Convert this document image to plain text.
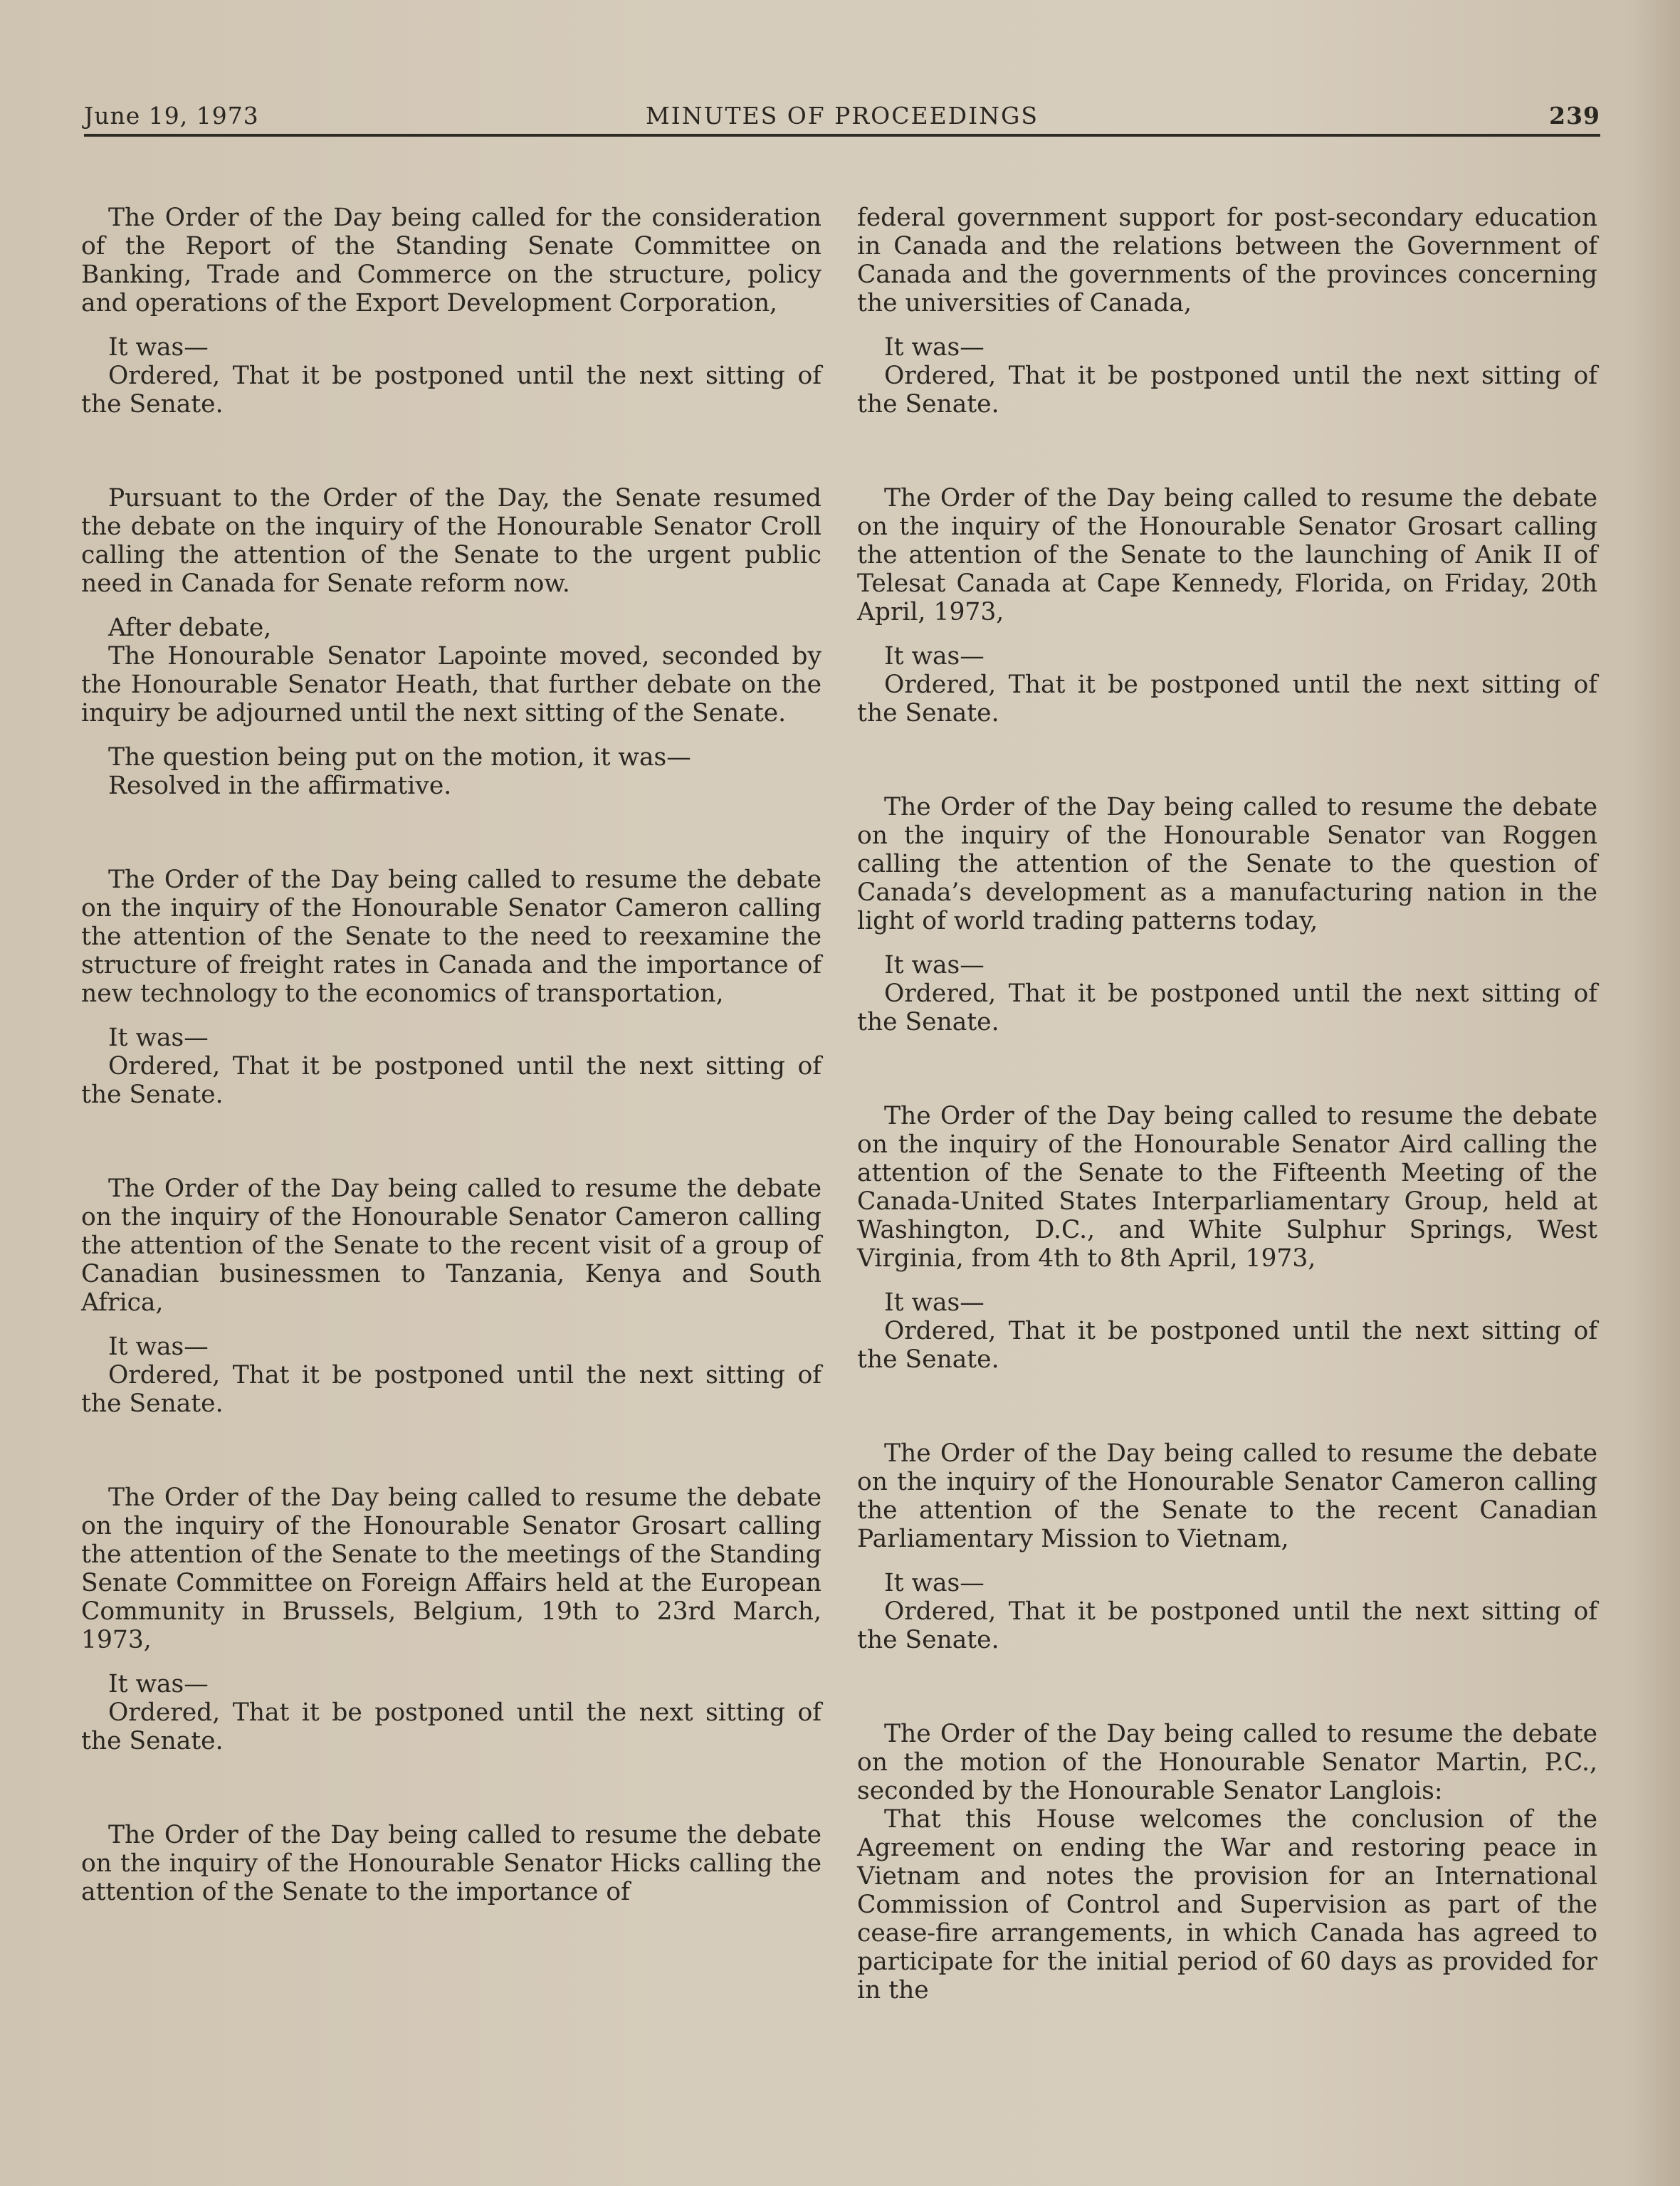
June 19, 1973	MINUTES OF PROCEEDINGS	239

The Order of the Day being called for the consideration of the Report of the Standing Senate Committee on Banking, Trade and Commerce on the structure, policy and operations of the Export Development Corporation,

It was—

Ordered, That it be postponed until the next sitting of the Senate.

Pursuant to the Order of the Day, the Senate resumed the debate on the inquiry of the Honourable Senator Croll calling the attention of the Senate to the urgent public need in Canada for Senate reform now.

After debate,

The Honourable Senator Lapointe moved, seconded by the Honourable Senator Heath, that further debate on the inquiry be adjourned until the next sitting of the Senate.

The question being put on the motion, it was—

Resolved in the affirmative.

The Order of the Day being called to resume the debate on the inquiry of the Honourable Senator Cameron calling the attention of the Senate to the need to reexamine the structure of freight rates in Canada and the importance of new technology to the economics of transportation,

It was—

Ordered, That it be postponed until the next sitting of the Senate.

The Order of the Day being called to resume the debate on the inquiry of the Honourable Senator Cameron calling the attention of the Senate to the recent visit of a group of Canadian businessmen to Tanzania, Kenya and South Africa,

It was—

Ordered, That it be postponed until the next sitting of the Senate.

The Order of the Day being called to resume the debate on the inquiry of the Honourable Senator Grosart calling the attention of the Senate to the meetings of the Standing Senate Committee on Foreign Affairs held at the European Community in Brussels, Belgium, 19th to 23rd March, 1973,

It was—

Ordered, That it be postponed until the next sitting of the Senate.

The Order of the Day being called to resume the debate on the inquiry of the Honourable Senator Hicks calling the attention of the Senate to the importance of

federal government support for post-secondary education in Canada and the relations between the Government of Canada and the governments of the provinces concerning the universities of Canada,

It was—

Ordered, That it be postponed until the next sitting of the Senate.

The Order of the Day being called to resume the debate on the inquiry of the Honourable Senator Grosart calling the attention of the Senate to the launching of Anik II of Telesat Canada at Cape Kennedy, Florida, on Friday, 20th April, 1973,

It was—

Ordered, That it be postponed until the next sitting of the Senate.

The Order of the Day being called to resume the debate on the inquiry of the Honourable Senator van Roggen calling the attention of the Senate to the question of Canada’s development as a manufacturing nation in the light of world trading patterns today,

It was—

Ordered, That it be postponed until the next sitting of the Senate.

The Order of the Day being called to resume the debate on the inquiry of the Honourable Senator Aird calling the attention of the Senate to the Fifteenth Meeting of the Canada-United States Interparliamentary Group, held at Washington, D.C., and White Sulphur Springs, West Virginia, from 4th to 8th April, 1973,

It was—

Ordered, That it be postponed until the next sitting of the Senate.

The Order of the Day being called to resume the debate on the inquiry of the Honourable Senator Cameron calling the attention of the Senate to the recent Canadian Parliamentary Mission to Vietnam,

It was—

Ordered, That it be postponed until the next sitting of the Senate.

The Order of the Day being called to resume the debate on the motion of the Honourable Senator Martin, P.C., seconded by the Honourable Senator Langlois:

That this House welcomes the conclusion of the Agreement on ending the War and restoring peace in Vietnam and notes the provision for an International Commission of Control and Supervision as part of the cease-fire arrangements, in which Canada has agreed to participate for the initial period of 60 days as provided for in the
